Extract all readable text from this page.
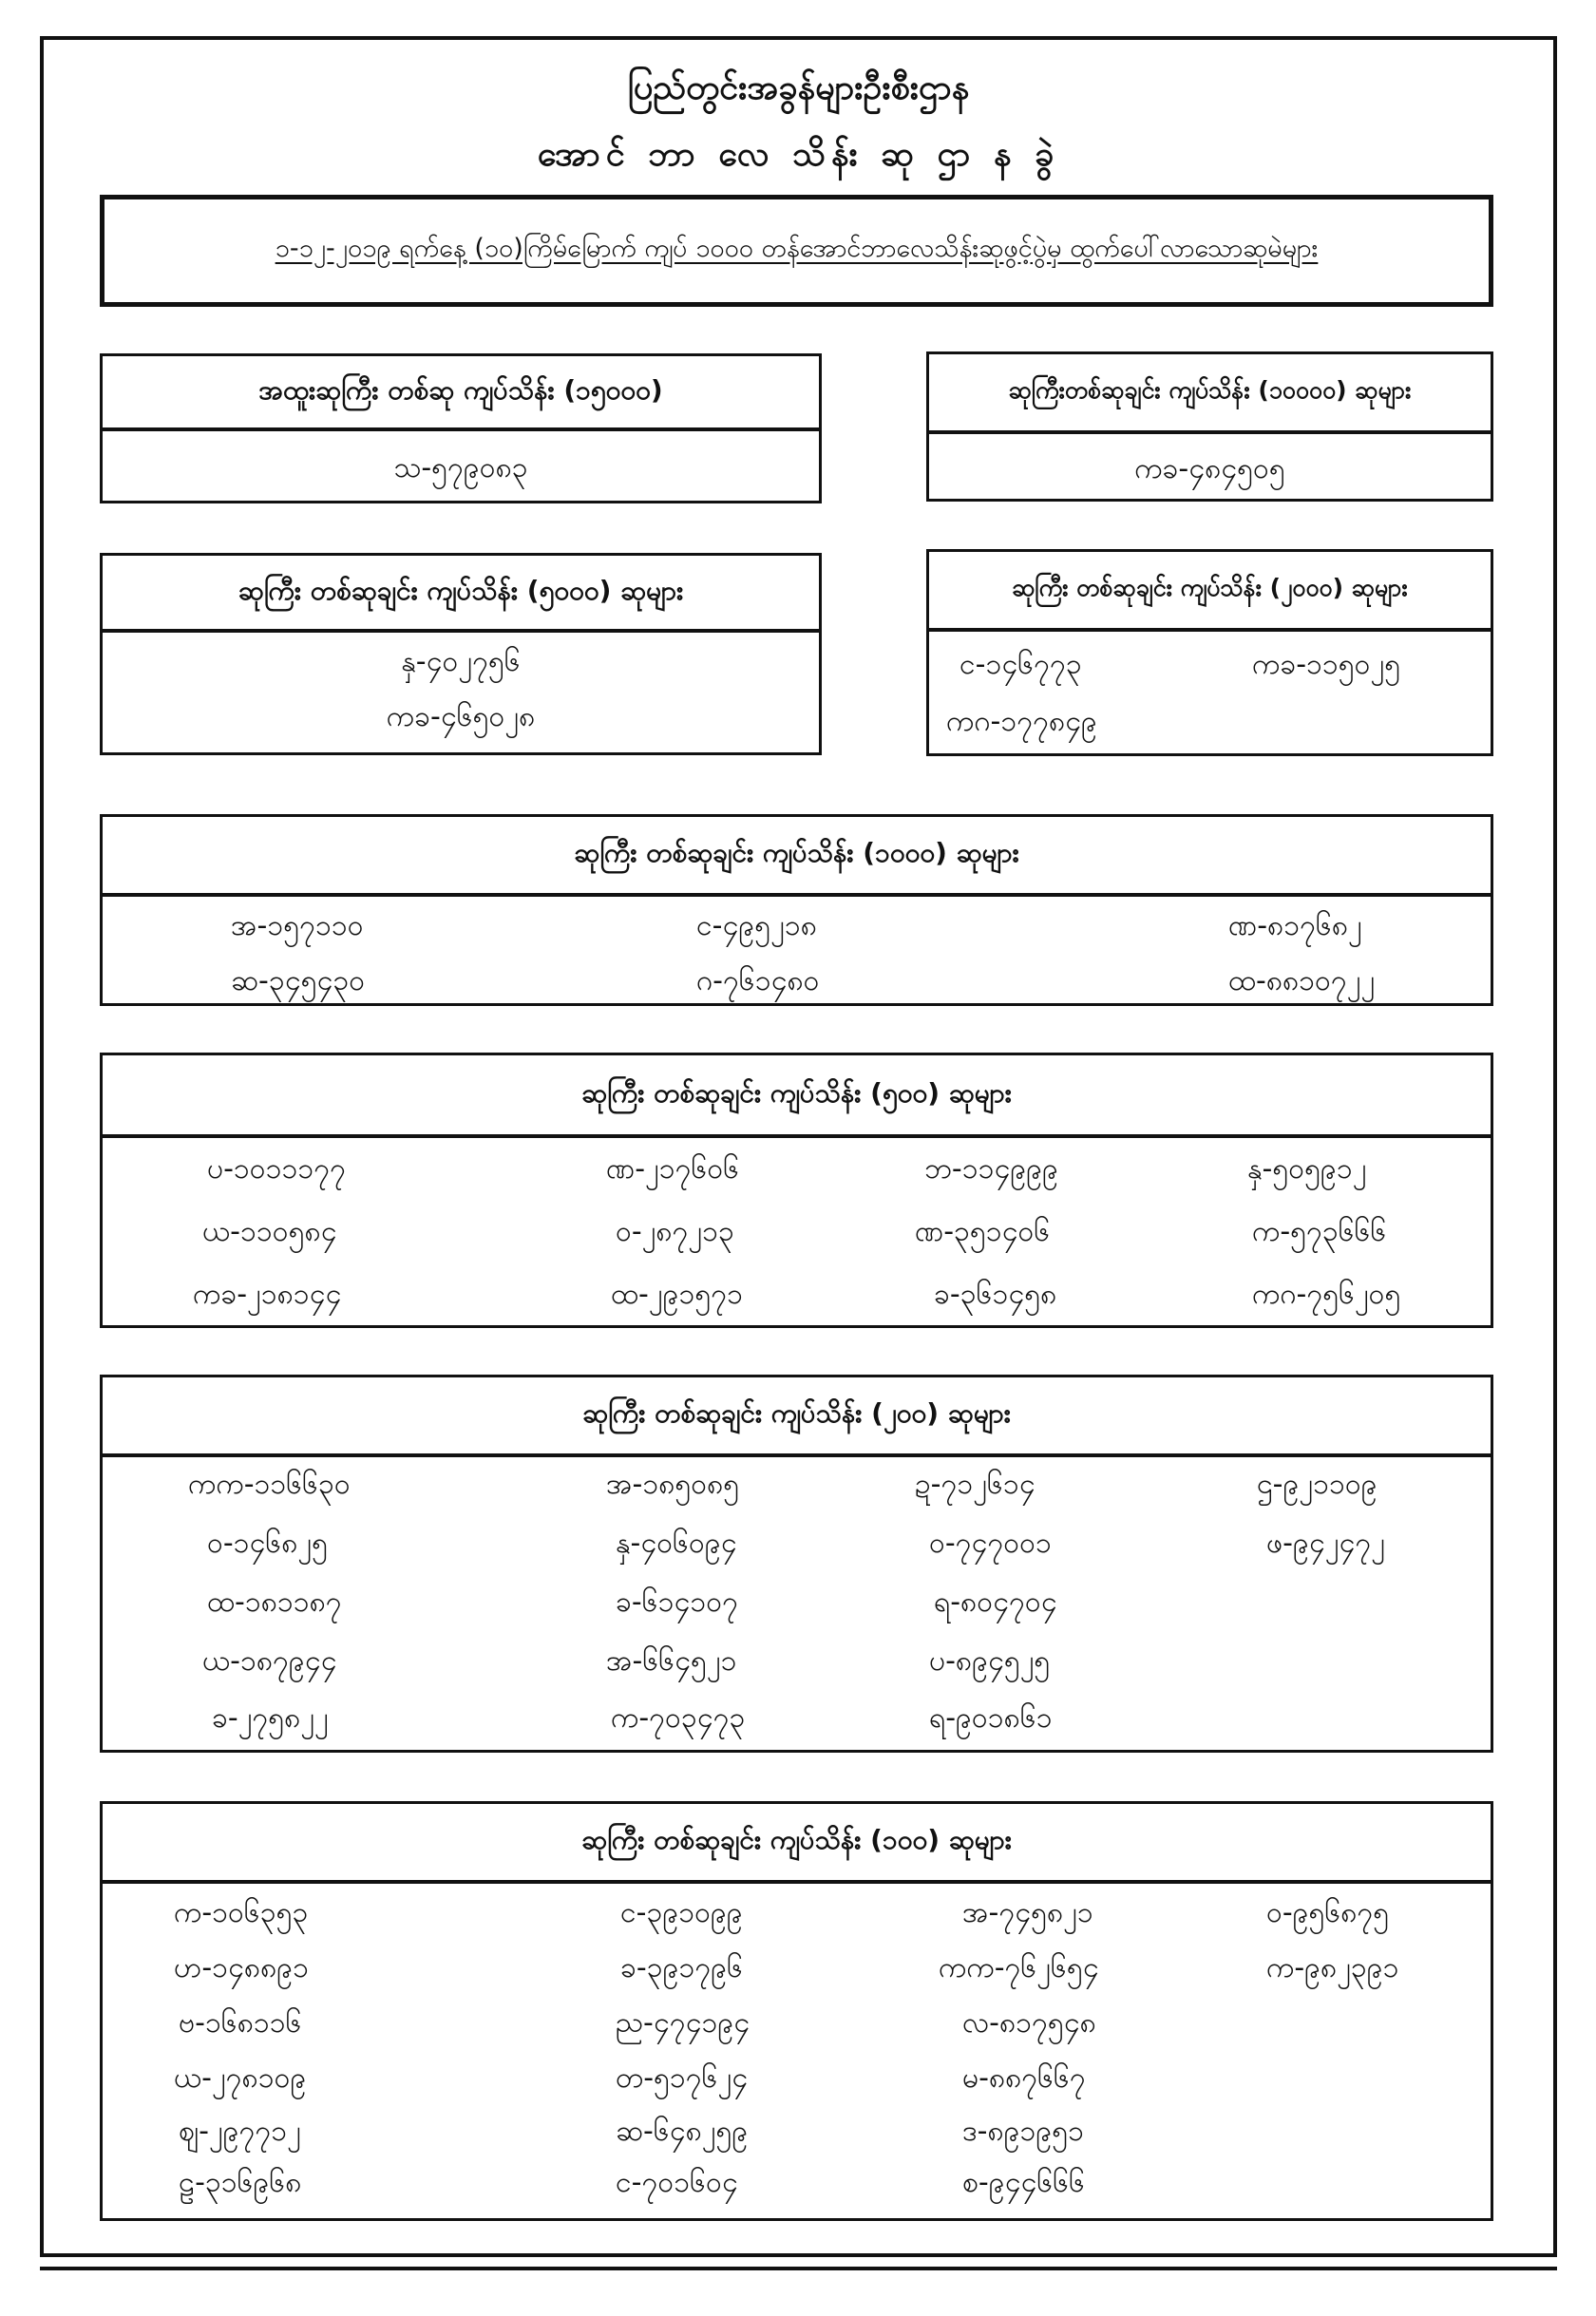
ပြည်တွင်းအခွန်များဦးစီးဌာန
အောင် ဘာ လေ သိန်း ဆု ဌာ န ခွဲ
၁-၁၂-၂၀၁၉ ရက်နေ့ (၁၀)ကြိမ်မြောက် ကျပ် ၁၀၀၀ တန်အောင်ဘာလေသိန်းဆုဖွင့်ပွဲမှ ထွက်ပေါ်လာသောဆုမဲများ
အထူးဆုကြီး တစ်ဆု ကျပ်သိန်း (၁၅၀၀၀)
သ-၅၇၉၀၈၃
ဆုကြီးတစ်ဆုချင်း ကျပ်သိန်း (၁၀၀၀၀) ဆုများ
ကခ-၄၈၄၅၀၅
ဆုကြီး တစ်ဆုချင်း ကျပ်သိန်း (၅၀၀၀) ဆုများ
နှ-၄၀၂၇၅၆
ကခ-၄၆၅၀၂၈
ဆုကြီး တစ်ဆုချင်း ကျပ်သိန်း (၂၀၀၀) ဆုများ
င-၁၄၆၇၇၃	ကခ-၁၁၅၀၂၅
ကဂ-၁၇၇၈၄၉
ဆုကြီး တစ်ဆုချင်း ကျပ်သိန်း (၁၀၀၀) ဆုများ
အ-၁၅၇၁၁၀	င-၄၉၅၂၁၈	ဏ-၈၁၇၆၈၂
ဆ-၃၄၅၄၃၀	ဂ-၇၆၁၄၈၀	ထ-၈၈၁၀၇၂၂
ဆုကြီး တစ်ဆုချင်း ကျပ်သိန်း (၅၀၀) ဆုများ
ပ-၁၀၁၁၁၇၇	ဏ-၂၁၇၆၀၆	ဘ-၁၁၄၉၉၉	နှ-၅၀၅၉၁၂
ယ-၁၁၀၅၈၄	ဝ-၂၈၇၂၁၃	ဏ-၃၅၁၄၀၆	က-၅၇၃၆၆၆
ကခ-၂၁၈၁၄၄	ထ-၂၉၁၅၇၁	ခ-၃၆၁၄၅၈	ကဂ-၇၅၆၂၀၅
ဆုကြီး တစ်ဆုချင်း ကျပ်သိန်း (၂၀၀) ဆုများ
ကက-၁၁၆၆၃၀	အ-၁၈၅၀၈၅	ဍ-၇၁၂၆၁၄	ဌ-၉၂၁၁၀၉
ဝ-၁၄၆၈၂၅	နှ-၄၀၆၀၉၄	ဝ-၇၄၇၀၀၁	ဖ-၉၄၂၄၇၂
ထ-၁၈၁၁၈၇	ခ-၆၁၄၁၀၇	ရ-၈၀၄၇၀၄
ယ-၁၈၇၉၄၄	အ-၆၆၄၅၂၁	ပ-၈၉၄၅၂၅
ခ-၂၇၅၈၂၂	က-၇၀၃၄၇၃	ရ-၉၀၁၈၆၁
ဆုကြီး တစ်ဆုချင်း ကျပ်သိန်း (၁၀၀) ဆုများ
က-၁၀၆၃၅၃	င-၃၉၁၀၉၉	အ-၇၄၅၈၂၁	ဝ-၉၅၆၈၇၅
ဟ-၁၄၈၈၉၁	ခ-၃၉၁၇၉၆	ကက-၇၆၂၆၅၄	က-၉၈၂၃၉၁
ဗ-၁၆၈၁၁၆	ည-၄၇၄၁၉၄	လ-၈၁၇၅၄၈
ယ-၂၇၈၁၀၉	တ-၅၁၇၆၂၄	မ-၈၈၇၆၆၇
ဈ-၂၉၇၇၁၂	ဆ-၆၄၈၂၅၉	ဒ-၈၉၁၉၅၁
ဠ-၃၁၆၉၆၈	င-၇၀၁၆၀၄	စ-၉၄၄၆၆၆
